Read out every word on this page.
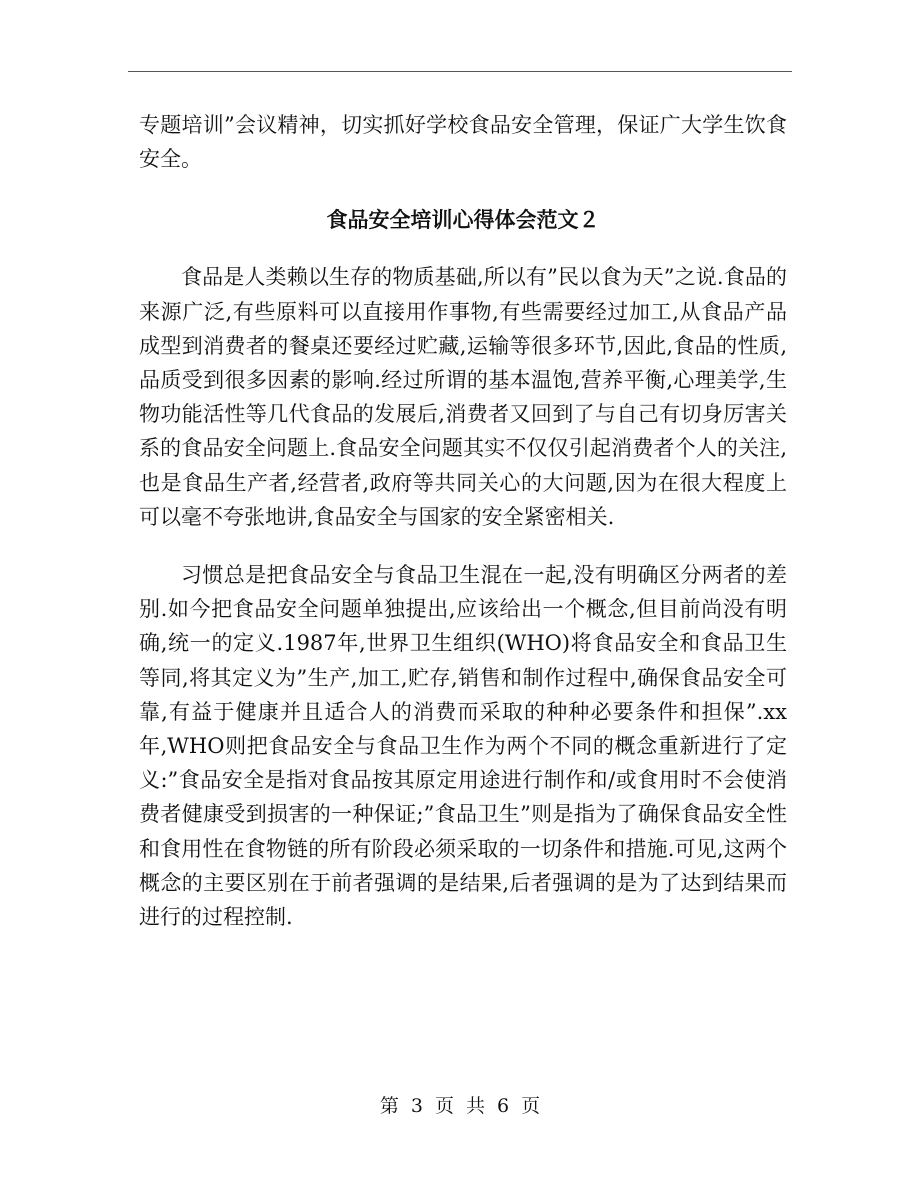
专题培训”会议精神，切实抓好学校食品安全管理，保证广大学生饮食安全。

食品安全培训心得体会范文２

食品是人类赖以生存的物质基础,所以有”民以食为天”之说.食品的来源广泛,有些原料可以直接用作事物,有些需要经过加工,从食品产品成型到消费者的餐桌还要经过贮藏,运输等很多环节,因此,食品的性质,品质受到很多因素的影响.经过所谓的基本温饱,营养平衡,心理美学,生物功能活性等几代食品的发展后,消费者又回到了与自己有切身厉害关系的食品安全问题上.食品安全问题其实不仅仅引起消费者个人的关注,也是食品生产者,经营者,政府等共同关心的大问题,因为在很大程度上可以毫不夸张地讲,食品安全与国家的安全紧密相关.

习惯总是把食品安全与食品卫生混在一起,没有明确区分两者的差别.如今把食品安全问题单独提出,应该给出一个概念,但目前尚没有明确,统一的定义.1987年,世界卫生组织(WHO)将食品安全和食品卫生等同,将其定义为”生产,加工,贮存,销售和制作过程中,确保食品安全可靠,有益于健康并且适合人的消费而采取的种种必要条件和担保”.xx年,WHO则把食品安全与食品卫生作为两个不同的概念重新进行了定义:”食品安全是指对食品按其原定用途进行制作和/或食用时不会使消费者健康受到损害的一种保证;”食品卫生”则是指为了确保食品安全性和食用性在食物链的所有阶段必须采取的一切条件和措施.可见,这两个概念的主要区别在于前者强调的是结果,后者强调的是为了达到结果而进行的过程控制.

第 3 页 共 6 页
